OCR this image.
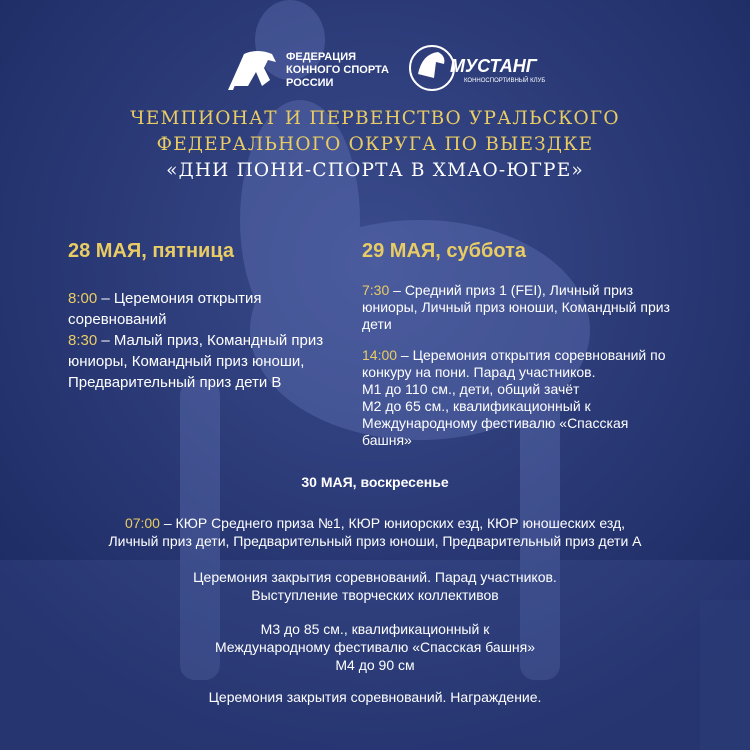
ФЕДЕРАЦИЯ
КОННОГО СПОРТА
РОССИИ
МУСТАНГ
КОННОСПОРТИВНЫЙ КЛУБ
ЧЕМПИОНАТ И ПЕРВЕНСТВО УРАЛЬСКОГО
ФЕДЕРАЛЬНОГО ОКРУГА ПО ВЫЕЗДКЕ
«ДНИ ПОНИ-СПОРТА В ХМАО-ЮГРЕ»
28 МАЯ, пятница
8:00 – Церемония открытия соревнований
8:30 – Малый приз, Командный приз юниоры, Командный приз юноши, Предварительный приз дети В
29 МАЯ, суббота
7:30 – Средний приз 1 (FEI), Личный приз юниоры, Личный приз юноши, Командный приз дети
14:00 – Церемония открытия соревнований по конкуру на пони. Парад участников.
М1 до 110 см., дети, общий зачёт
М2 до 65 см., квалификационный к Международному фестивалю «Спасская башня»
30 МАЯ, воскресенье
07:00 – КЮР Среднего приза №1, КЮР юниорских езд, КЮР юношеских езд,
Личный приз дети, Предварительный приз юноши, Предварительный приз дети А
Церемония закрытия соревнований. Парад участников.
Выступление творческих коллективов
М3 до 85 см., квалификационный к
Международному фестивалю «Спасская башня»
М4 до 90 см
Церемония закрытия соревнований. Награждение.
